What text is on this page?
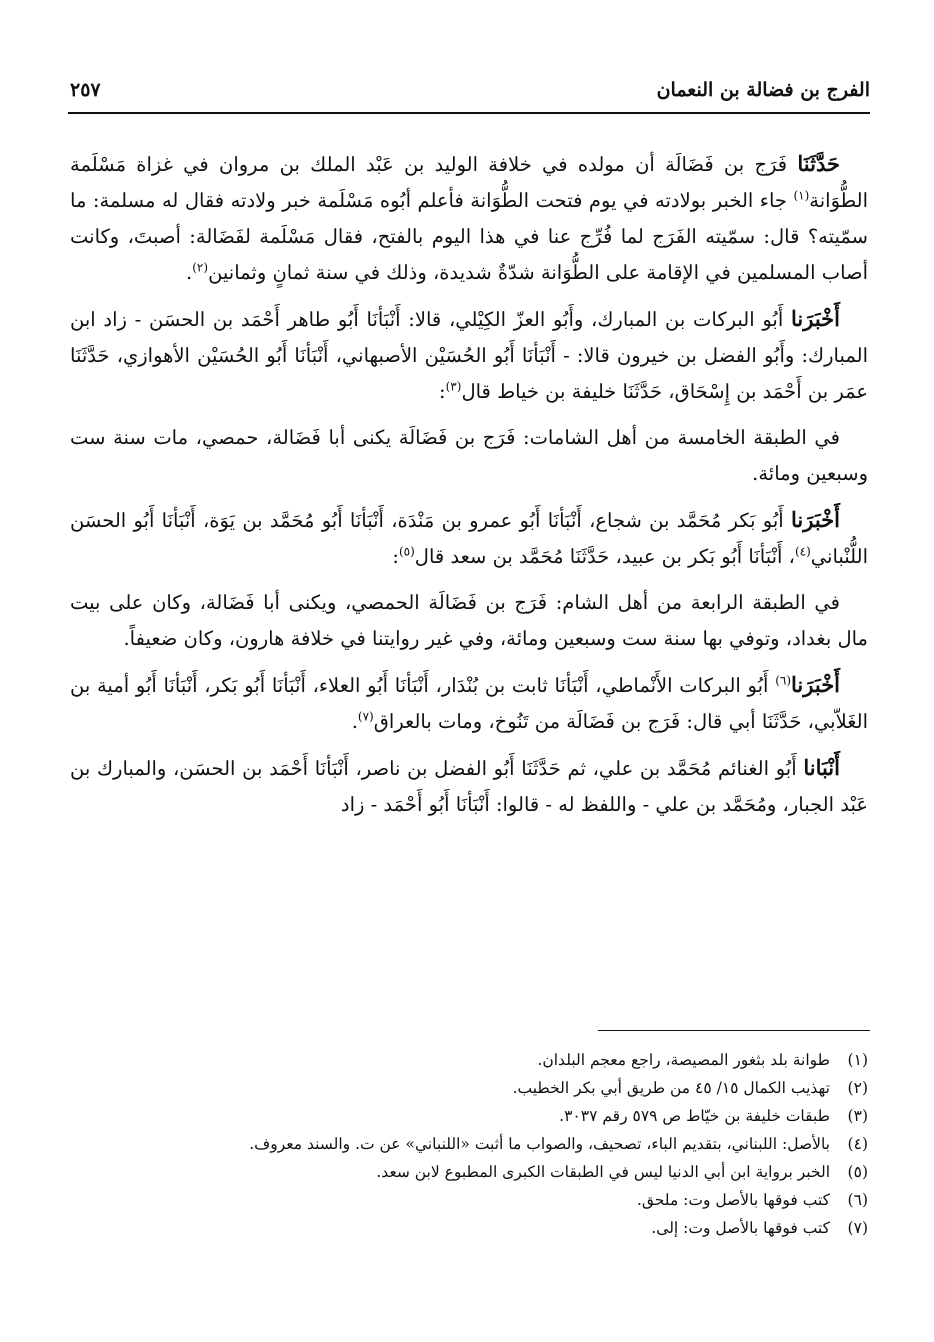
الفرج بن فضالة بن النعمان
٢٥٧

حَدَّثَنَا فَرَج بن فَضَالَة أن مولده في خلافة الوليد بن عَبْد الملك بن مروان في غزاة مَسْلَمة الطُّوَانة$^{(١)}$ جاء الخبر بولادته في يوم فتحت الطُّوَانة فأعلم أبُوه مَسْلَمة خبر ولادته فقال له مسلمة: ما سمّيته؟ قال: سمّيته الفَرَج لما فُرِّج عنا في هذا اليوم بالفتح، فقال مَسْلَمة لفَضَالة: أصبتَ، وكانت أصاب المسلمين في الإقامة على الطُّوَانة شدّةٌ شديدة، وذلك في سنة ثمانٍ وثمانين$^{(٢)}$.

أَخْبَرَنا أَبُو البركات بن المبارك، وأَبُو العزّ الكِيْلي، قالا: أَنْبَأنَا أَبُو طاهر أَحْمَد بن الحسَن - زاد ابن المبارك: وأَبُو الفضل بن خيرون قالا: - أَنْبَأنَا أَبُو الحُسَيْن الأصبهاني، أَنْبَأنَا أَبُو الحُسَيْن الأهوازي، حَدَّثَنَا عمَر بن أَحْمَد بن إِسْحَاق، حَدَّثَنَا خليفة بن خياط قال$^{(٣)}$:

في الطبقة الخامسة من أهل الشامات: فَرَج بن فَضَالَة يكنى أبا فَضَالة، حمصي، مات سنة ست وسبعين ومائة.

أَخْبَرَنا أَبُو بَكر مُحَمَّد بن شجاع، أَنْبَأنَا أَبُو عمرو بن مَنْدَة، أَنْبَأنَا أَبُو مُحَمَّد بن يَوَة، أَنْبَأنَا أَبُو الحسَن اللُّنْباني$^{(٤)}$، أَنْبَأنَا أَبُو بَكر بن عبيد، حَدَّثَنَا مُحَمَّد بن سعد قال$^{(٥)}$:

في الطبقة الرابعة من أهل الشام: فَرَج بن فَضَالَة الحمصي، ويكنى أبا فَضَالة، وكان على بيت مال بغداد، وتوفي بها سنة ست وسبعين ومائة، وفي غير روايتنا في خلافة هارون، وكان ضعيفاً.

أَخْبَرَنا$^{(٦)}$ أَبُو البركات الأَنْماطي، أَنْبَأنَا ثابت بن بُنْدَار، أَنْبَأنَا أَبُو العلاء، أَنْبَأنَا أَبُو بَكر، أَنْبَأنَا أَبُو أمية بن الغَلاّبي، حَدَّثَنَا أبي قال: فَرَج بن فَضَالَة من تَنُوخ، ومات بالعراق$^{(٧)}$.

أَنْبَانا أَبُو الغنائم مُحَمَّد بن علي، ثم حَدَّثَنَا أَبُو الفضل بن ناصر، أَنْبَأنَا أَحْمَد بن الحسَن، والمبارك بن عَبْد الجبار، ومُحَمَّد بن علي - واللفظ له - قالوا: أَنْبَأنَا أَبُو أَحْمَد - زاد

(١)
طوانة بلد بثغور المصيصة، راجع معجم البلدان.
(٢)
تهذيب الكمال ١٥/ ٤٥ من طريق أبي بكر الخطيب.
(٣)
طبقات خليفة بن خيّاط ص ٥٧٩ رقم ٣٠٣٧.
(٤)
بالأصل: اللبناني، بتقديم الباء، تصحيف، والصواب ما أثبت «اللنباني» عن ت. والسند معروف.
(٥)
الخبر برواية ابن أبي الدنيا ليس في الطبقات الكبرى المطبوع لابن سعد.
(٦)
كتب فوقها بالأصل وت: ملحق.
(٧)
كتب فوقها بالأصل وت: إلى.
